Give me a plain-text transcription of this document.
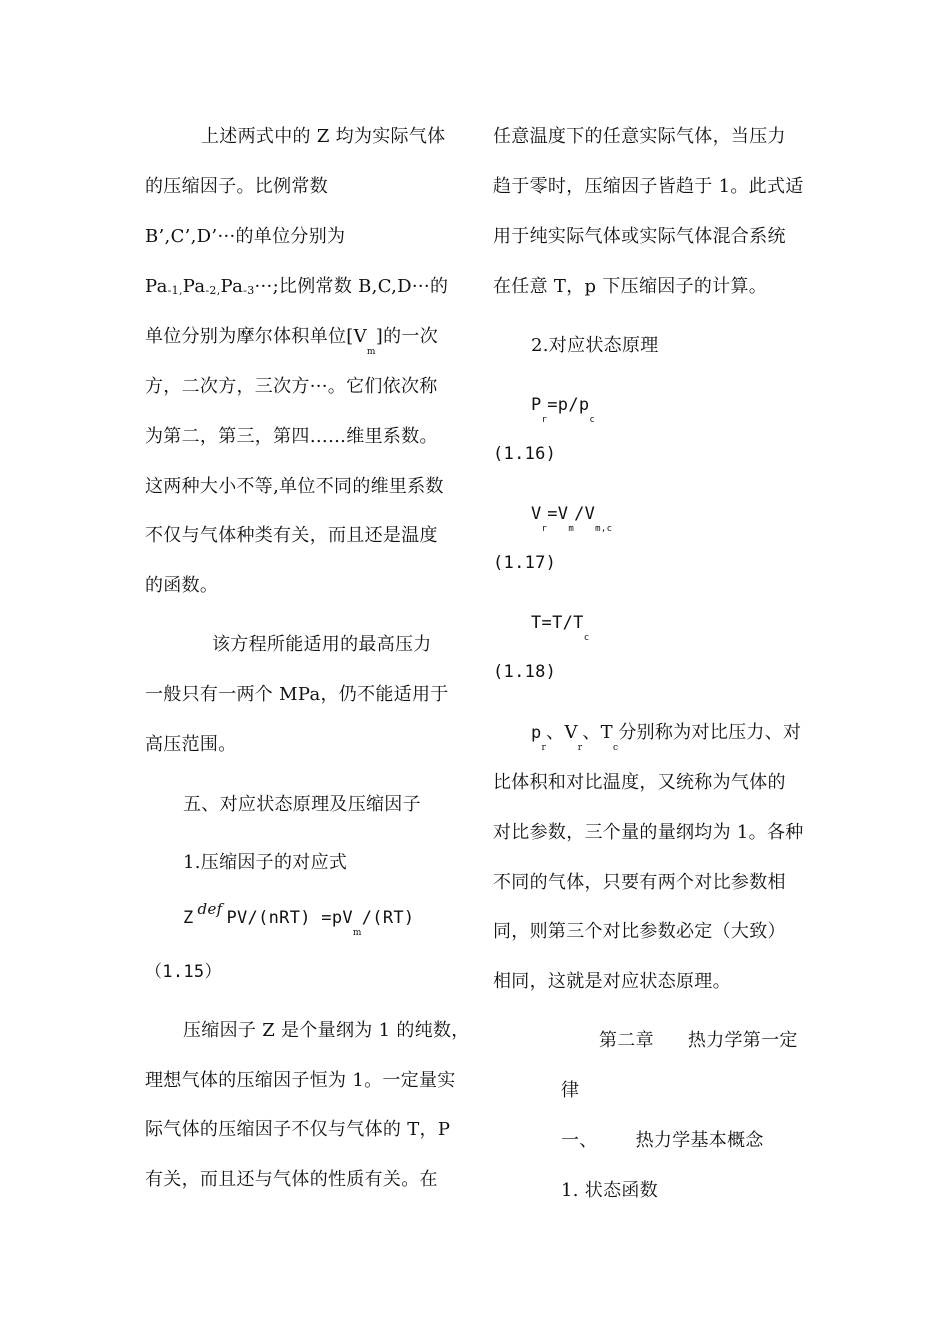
上述两式中的 Z 均为实际气体
的压缩因子。比例常数
B’,C’,D’···的单位分别为
Pa-1,Pa-2,Pa-3···;比例常数 B,C,D···的
单位分别为摩尔体积单位$[V_m]$的一次
方，二次方，三次方···。它们依次称
为第二，第三，第四……维里系数。
这两种大小不等,单位不同的维里系数
不仅与气体种类有关，而且还是温度
的函数。
该方程所能适用的最高压力
一般只有一两个 MPa，仍不能适用于
高压范围。
五、对应状态原理及压缩因子
1.压缩因子的对应式
Z $^{def}$ $PV/(nRT) =pV_m/(RT)$
（1.15）
压缩因子 Z 是个量纲为 1 的纯数，
理想气体的压缩因子恒为 1。一定量实
际气体的压缩因子不仅与气体的 T，P
有关，而且还与气体的性质有关。在
任意温度下的任意实际气体，当压力
趋于零时，压缩因子皆趋于 1。此式适
用于纯实际气体或实际气体混合系统
在任意 T，p 下压缩因子的计算。
2.对应状态原理
$P_r=p/p_c$
(1.16)
$V_r=V_m/V_{m,c}$
(1.17)
$T=T/T_c$
(1.18)
$p_r$、$V_r$、$T_c$分别称为对比压力、对
比体积和对比温度，又统称为气体的
对比参数，三个量的量纲均为 1。各种
不同的气体，只要有两个对比参数相
同，则第三个对比参数必定（大致）
相同，这就是对应状态原理。
第二章 热力学第一定
律
一、 热力学基本概念
1. 状态函数
